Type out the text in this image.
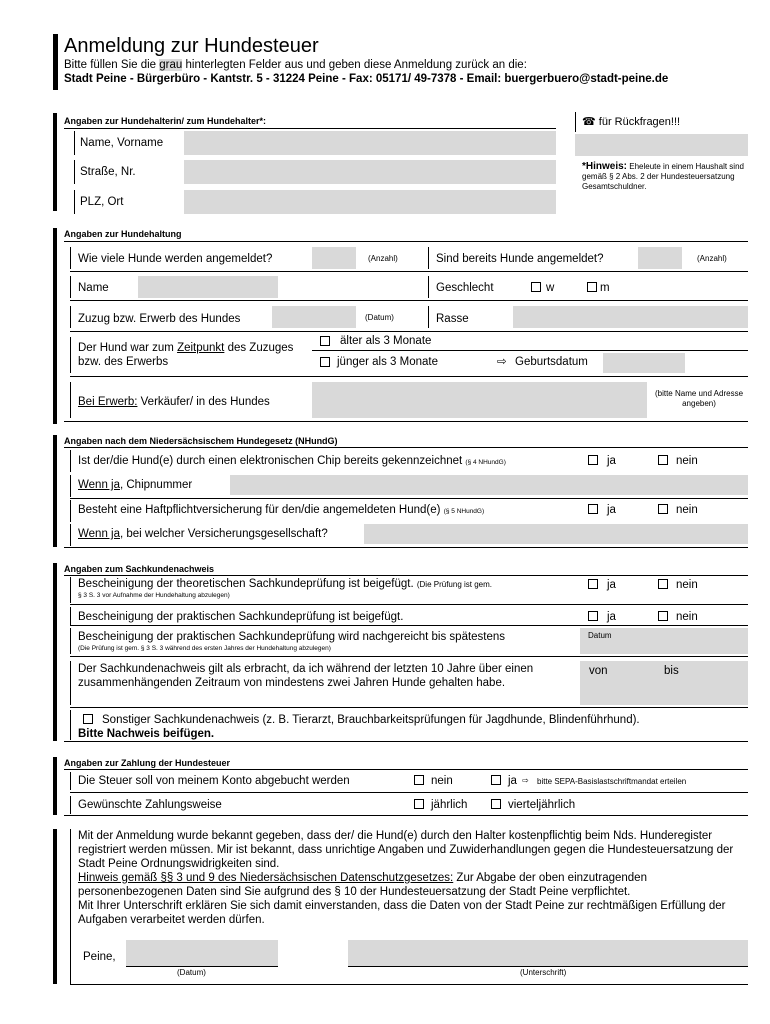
Anmeldung zur Hundesteuer
Bitte füllen Sie die grau hinterlegten Felder aus und geben diese Anmeldung zurück an die:
Stadt Peine - Bürgerbüro - Kantstr. 5 - 31224 Peine - Fax: 05171/ 49-7378 - Email: buergerbuero@stadt-peine.de
Angaben zur Hundehalterin/ zum Hundehalter*:
Name, Vorname
Straße, Nr.
PLZ, Ort
☎ für Rückfragen!!!
*Hinweis: Eheleute in einem Haushalt sind gemäß § 2 Abs. 2 der Hundesteuersatzung Gesamtschuldner.
Angaben zur Hundehaltung
Wie viele Hunde werden angemeldet?	(Anzahl)	Sind bereits Hunde angemeldet?	(Anzahl)
Name	Geschlecht	w	m
Zuzug bzw. Erwerb des Hundes	(Datum)	Rasse
Der Hund war zum Zeitpunkt des Zuzuges bzw. des Erwerbs
älter als 3 Monate
jünger als 3 Monate	⇨ Geburtsdatum
Bei Erwerb: Verkäufer/ in des Hundes
(bitte Name und Adresse angeben)
Angaben nach dem Niedersächsischem Hundegesetz (NHundG)
Ist der/die Hund(e) durch einen elektronischen Chip bereits gekennzeichnet (§ 4 NHundG)	ja	nein
Wenn ja, Chipnummer
Besteht eine Haftpflichtversicherung für den/die angemeldeten Hund(e) (§ 5 NHundG)	ja	nein
Wenn ja, bei welcher Versicherungsgesellschaft?
Angaben zum Sachkundenachweis
Bescheinigung der theoretischen Sachkundeprüfung ist beigefügt. (Die Prüfung ist gem.
§ 3 S. 3 vor Aufnahme der Hundehaltung abzulegen)
ja	nein
Bescheinigung der praktischen Sachkundeprüfung ist beigefügt.	ja	nein
Bescheinigung der praktischen Sachkundeprüfung wird nachgereicht bis spätestens
(Die Prüfung ist gem. § 3 S. 3 während des ersten Jahres der Hundehaltung abzulegen)
Datum
Der Sachkundenachweis gilt als erbracht, da ich während der letzten 10 Jahre über einen zusammenhängenden Zeitraum von mindestens zwei Jahren Hunde gehalten habe.
von	bis
Sonstiger Sachkundenachweis (z. B. Tierarzt, Brauchbarkeitsprüfungen für Jagdhunde, Blindenführhund).
Bitte Nachweis beifügen.
Angaben zur Zahlung der Hundesteuer
Die Steuer soll von meinem Konto abgebucht werden	nein	ja ⇨ bitte SEPA-Basislastschriftmandat erteilen
Gewünschte Zahlungsweise	jährlich	vierteljährlich
Mit der Anmeldung wurde bekannt gegeben, dass der/ die Hund(e) durch den Halter kostenpflichtig beim Nds. Hunderegister registriert werden müssen. Mir ist bekannt, dass unrichtige Angaben und Zuwiderhandlungen gegen die Hundesteuersatzung der Stadt Peine Ordnungswidrigkeiten sind.
Hinweis gemäß §§ 3 und 9 des Niedersächsischen Datenschutzgesetzes: Zur Abgabe der oben einzutragenden personenbezogenen Daten sind Sie aufgrund des § 10 der Hundesteuersatzung der Stadt Peine verpflichtet.
Mit Ihrer Unterschrift erklären Sie sich damit einverstanden, dass die Daten von der Stadt Peine zur rechtmäßigen Erfüllung der Aufgaben verarbeitet werden dürfen.
Peine,
(Datum)	(Unterschrift)
